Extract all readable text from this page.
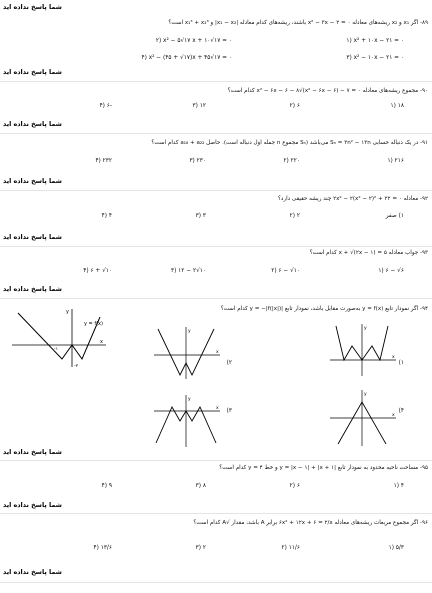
شما پاسخ نداده اید
۸۹- اگر x₁ و x₂ ریشه‌های معادله x² − ۳x − ۲ = ۰ باشند، ریشه‌های کدام معادله |x₁ − x₂| و x₁³ + x₂³ است؟
۱) x² + ۱۰x − ۲۱ = ۰
۲) x² − ۵√۱۷ x + ۱۰√۱۷ = ۰
۳) x² − ۱۰x − ۲۱ = ۰
۴) x² − (۴۵ + √۱۷)x + ۴۵√۱۷ = ۰
شما پاسخ نداده اید
۹۰- مجموع ریشه‌های معادله x² − ۶x − ۶ − ۸√(x² − ۶x − ۶) − ۷ = ۰ کدام است؟
۱) ۱۸
۲) ۶
۳) ۱۲
۴) ۶-
شما پاسخ نداده اید
۹۱- در یک دنباله حسابی Sₙ = ۳n² − ۱۳n می‌باشد (Sₙ مجموع n جمله اول دنباله است). حاصل a₁₈ + a₂₂ کدام است؟
۱) ۲۱۶
۲) ۲۲۰
۳) ۲۳۰
۴) ۲۳۲
شما پاسخ نداده اید
۹۲- معادله ۰ = ۲۲ + ۲x² − ۲(x² − ۲)² چند ریشه حقیقی دارد؟
۱) صفر
۲) ۲
۳) ۳
۴) ۴
شما پاسخ نداده اید
۹۳- جواب معادله x + √(۲x − ۱) = ۵ کدام است؟
۱) ۶ − √۶
۲) ۶ − √۱۰
۳) ۱۲ − ۲√۱۰
۴) ۶ + √۱۰
شما پاسخ نداده اید
۹۴- اگر نمودار تابع y = f(x) به‌صورت مقابل باشد، نمودار تابع |y = −|f(|x|) کدام است؟
y
x
y = f(x)
-۱
-۲
y
x
(۱
y
x
(۲
y
x (۳
y
x
(۴
شما پاسخ نداده اید
۹۵- مساحت ناحیه محدود به نمودار تابع |y = |x − ۱| + |x + ۱ و خط y = ۴ کدام است؟
۱) ۴
۲) ۶
۳) ۸
۴) ۹
شما پاسخ نداده اید
۹۶- اگر مجموع مربعات ریشه‌های معادله ۶x² + ۱۲x + ۶ = ۲/x برابر A باشد، مقدار √A کدام است؟
۱) ۵/۳
۲) ۱۱/۶
۳) ۲
۴) ۱۳/۶
شما پاسخ نداده اید
